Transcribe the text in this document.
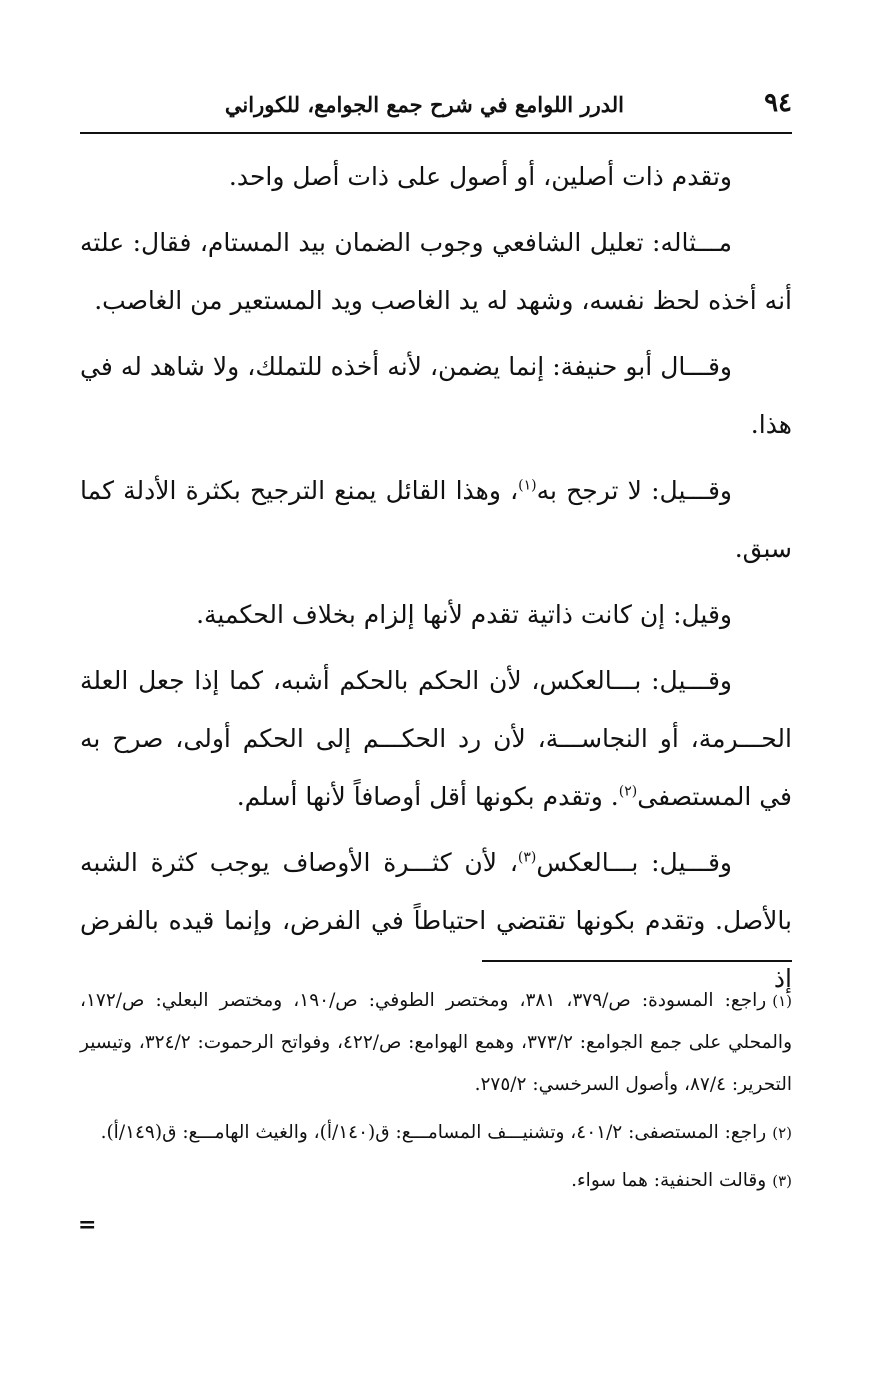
٩٤
الدرر اللوامع في شرح جمع الجوامع، للكوراني

وتقدم ذات أصلين، أو أصول على ذات أصل واحد.

مـــثاله: تعليل الشافعي وجوب الضمان بيد المستام، فقال: علته أنه أخذه لحظ نفسه، وشهد له يد الغاصب ويد المستعير من الغاصب.

وقـــال أبو حنيفة: إنما يضمن، لأنه أخذه للتملك، ولا شاهد له في هذا.

وقـــيل: لا ترجح به$^{(١)}$، وهذا القائل يمنع الترجيح بكثرة الأدلة كما سبق.

وقيل: إن كانت ذاتية تقدم لأنها إلزام بخلاف الحكمية.

وقـــيل: بـــالعكس، لأن الحكم بالحكم أشبه، كما إذا جعل العلة الحـــرمة، أو النجاســـة، لأن رد الحكـــم إلى الحكم أولى، صرح به في المستصفى$^{(٢)}$. وتقدم بكونها أقل أوصافاً لأنها أسلم.

وقـــيل: بـــالعكس$^{(٣)}$، لأن كثـــرة الأوصاف يوجب كثرة الشبه بالأصل. وتقدم بكونها تقتضي احتياطاً في الفرض، وإنما قيده بالفرض إذ

(١)راجع: المسودة: ص/٣٧٩، ٣٨١، ومختصر الطوفي: ص/١٩٠، ومختصر البعلي: ص/١٧٢، والمحلي على جمع الجوامع: ٣٧٣/٢، وهمع الهوامع: ص/٤٢٢، وفواتح الرحموت: ٣٢٤/٢، وتيسير التحرير: ٨٧/٤، وأصول السرخسي: ٢٧٥/٢.
(٢)راجع: المستصفى: ٤٠١/٢، وتشنيـــف المسامـــع: ق(١٤٠/أ)، والغيث الهامـــع: ق(١٤٩/أ).
(٣)وقالت الحنفية: هما سواء.
=
